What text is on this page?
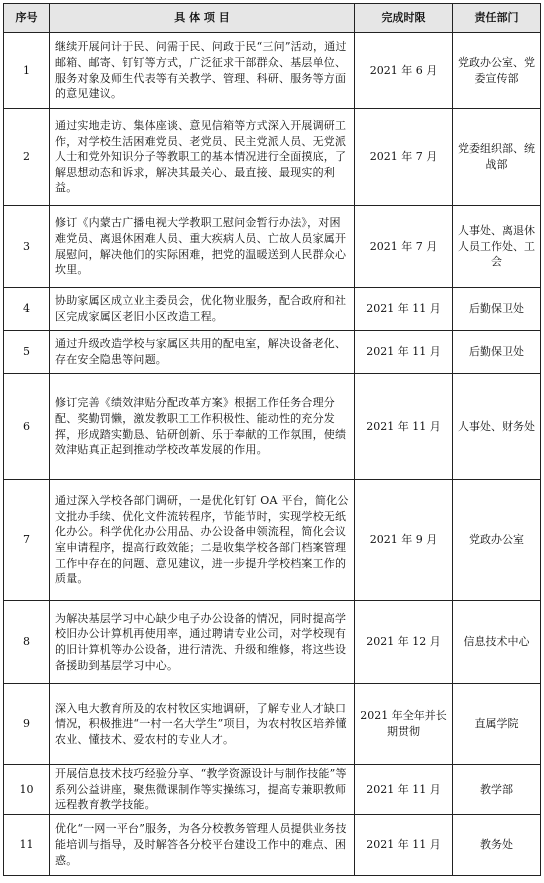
序号	具 体 项 目	完成时限	责任部门
1	继续开展问计于民、问需于民、问政于民“三问”活动，通过邮箱、邮寄、钉钉等方式，广泛征求干部群众、基层单位、服务对象及师生代表等有关教学、管理、科研、服务等方面的意见建议。	2021 年 6 月	党政办公室、党委宣传部
2	通过实地走访、集体座谈、意见信箱等方式深入开展调研工作，对学校生活困难党员、老党员、民主党派人员、无党派人士和党外知识分子等教职工的基本情况进行全面摸底，了解思想动态和诉求，解决其最关心、最直接、最现实的利益。	2021 年 7 月	党委组织部、统战部
3	修订《内蒙古广播电视大学教职工慰问金暂行办法》，对困难党员、离退休困难人员、重大疾病人员、亡故人员家属开展慰问，解决他们的实际困难，把党的温暖送到人民群众心坎里。	2021 年 7 月	人事处、离退休人员工作处、工会
4	协助家属区成立业主委员会，优化物业服务，配合政府和社区完成家属区老旧小区改造工程。	2021 年 11 月	后勤保卫处
5	通过升级改造学校与家属区共用的配电室，解决设备老化、存在安全隐患等问题。	2021 年 11 月	后勤保卫处
6	修订完善《绩效津贴分配改革方案》根据工作任务合理分配、奖勤罚懒，激发教职工工作积极性、能动性的充分发挥，形成踏实勤恳、钻研创新、乐于奉献的工作氛围，使绩效津贴真正起到推动学校改革发展的作用。	2021 年 11 月	人事处、财务处
7	通过深入学校各部门调研，一是优化钉钉 OA 平台，简化公文批办手续、优化文件流转程序，节能节时，实现学校无纸化办公。科学优化办公用品、办公设备申领流程，简化会议室申请程序，提高行政效能；二是收集学校各部门档案管理工作中存在的问题、意见建议，进一步提升学校档案工作的质量。	2021 年 9 月	党政办公室
8	为解决基层学习中心缺少电子办公设备的情况，同时提高学校旧办公计算机再使用率，通过聘请专业公司，对学校现有的旧计算机等办公设备，进行清洗、升级和维修，将这些设备援助到基层学习中心。	2021 年 12 月	信息技术中心
9	深入电大教育所及的农村牧区实地调研，了解专业人才缺口情况，积极推进“一村一名大学生”项目，为农村牧区培养懂农业、懂技术、爱农村的专业人才。	2021 年全年并长期贯彻	直属学院
10	开展信息技术技巧经验分享、“教学资源设计与制作技能”等系列公益讲座，聚焦微课制作等实操练习，提高专兼职教师远程教育教学技能。	2021 年 11 月	教学部
11	优化“一网一平台”服务，为各分校教务管理人员提供业务技能培训与指导，及时解答各分校平台建设工作中的难点、困惑。	2021 年 11 月	教务处
